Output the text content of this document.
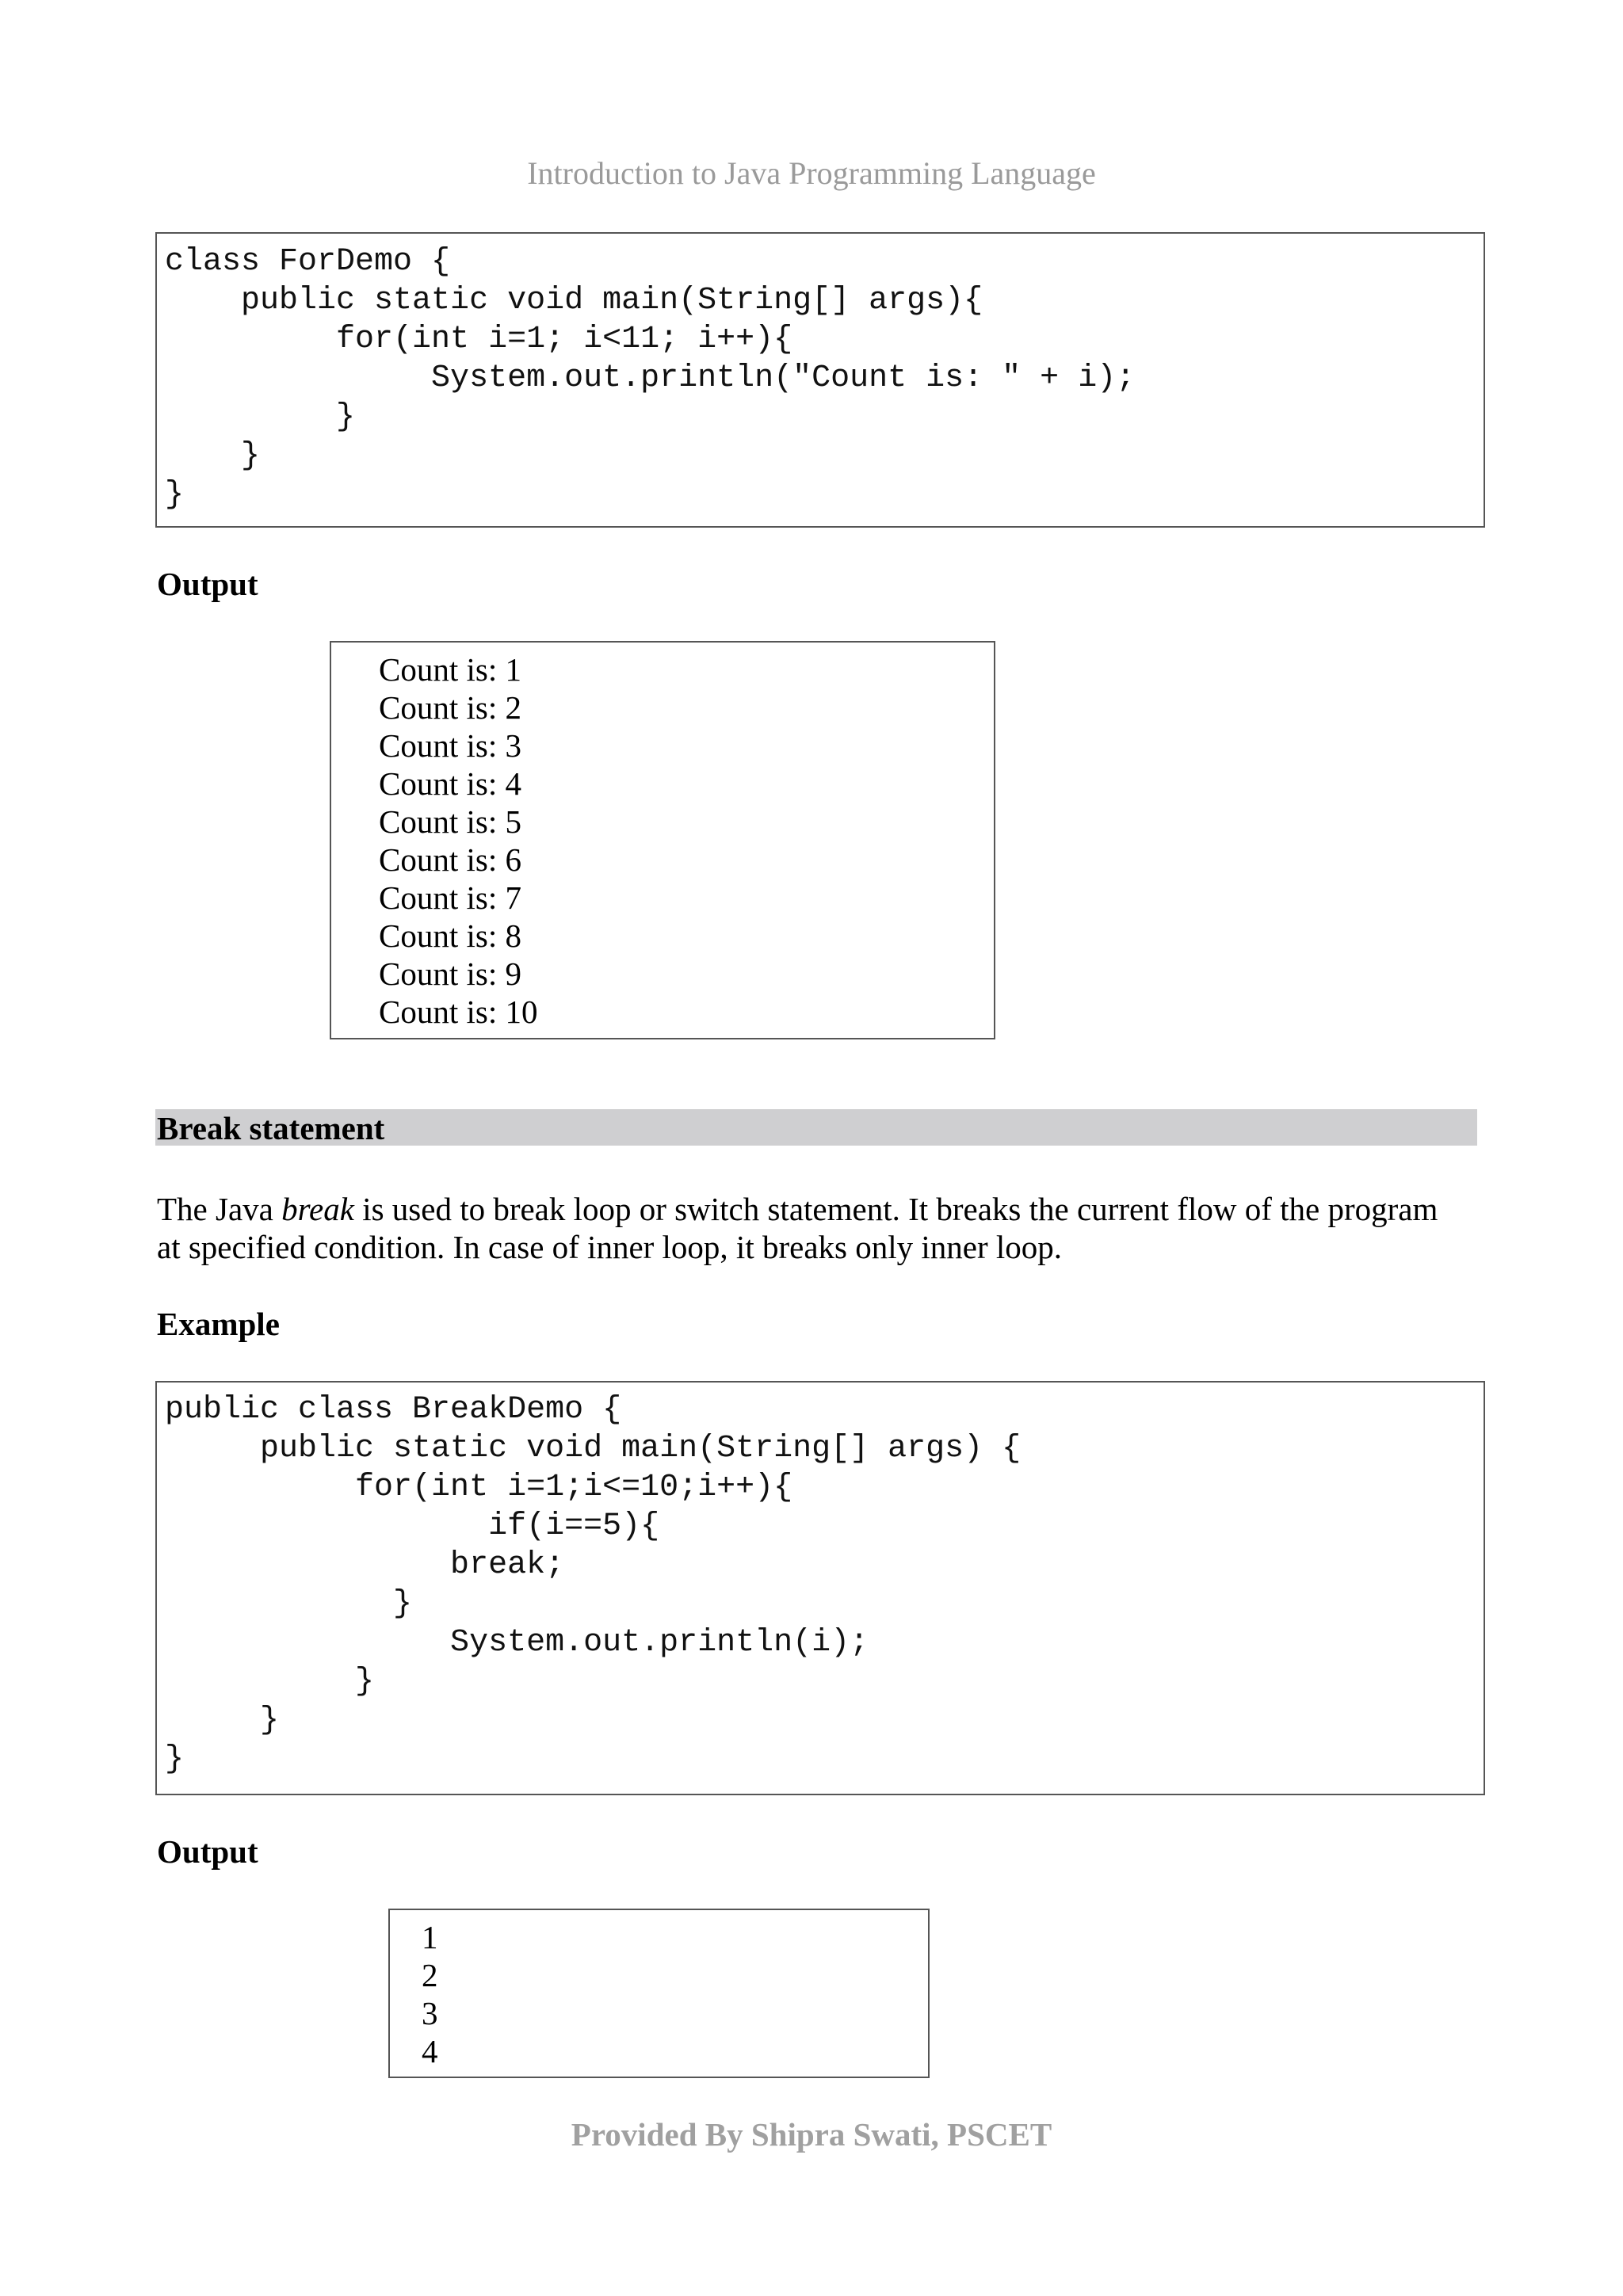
Introduction to Java Programming Language
class ForDemo {
public static void main(String[] args){
for(int i=1; i<11; i++){
System.out.println("Count is: " + i);
}
}
}
Output
Count is: 1
Count is: 2
Count is: 3
Count is: 4
Count is: 5
Count is: 6
Count is: 7
Count is: 8
Count is: 9
Count is: 10
Break statement
The Java break is used to break loop or switch statement. It breaks the current flow of the program
at specified condition. In case of inner loop, it breaks only inner loop.
Example
public class BreakDemo {
public static void main(String[] args) {
for(int i=1;i<=10;i++){
if(i==5){
break;
}
System.out.println(i);
}
}
}
Output
1
2
3
4
Provided By Shipra Swati, PSCET
